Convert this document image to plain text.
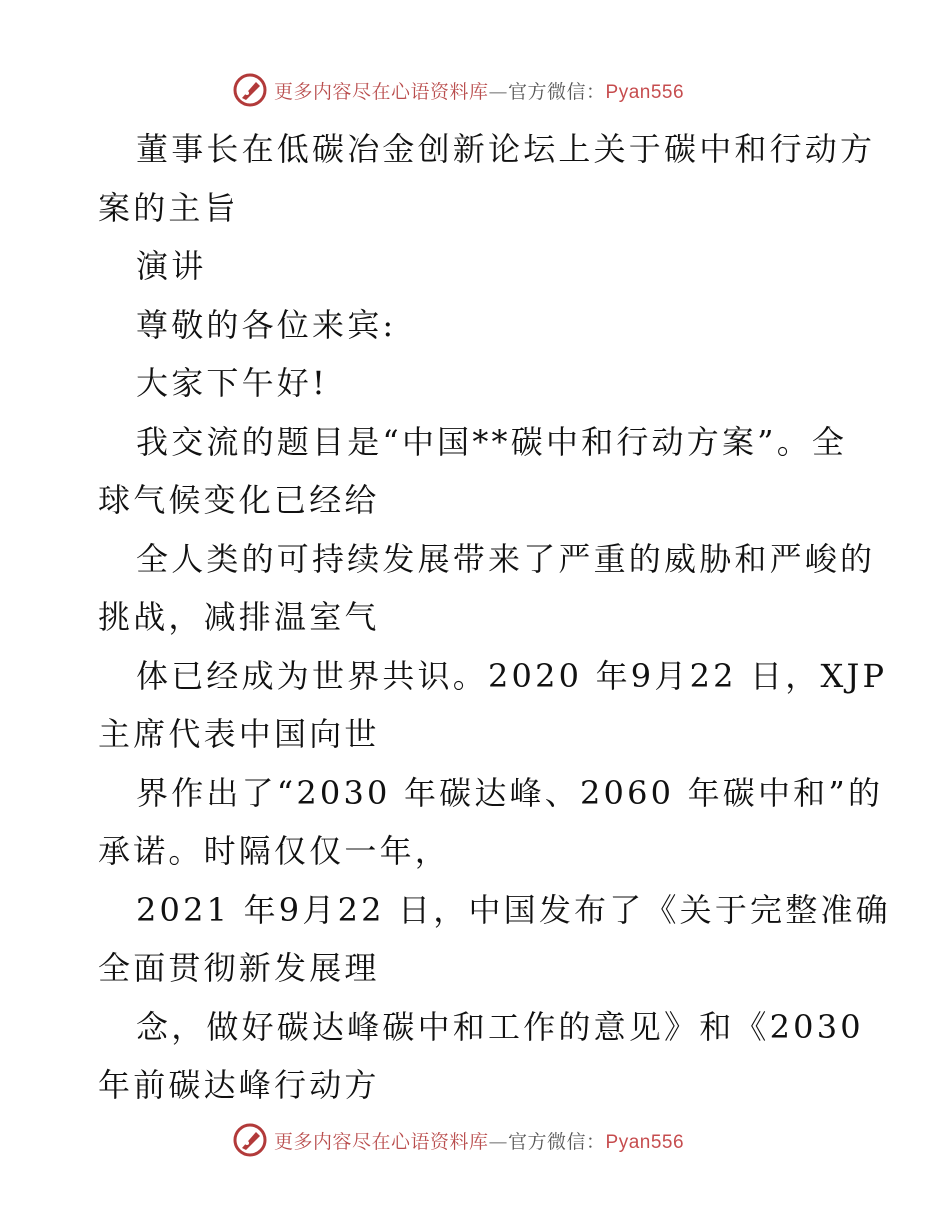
更多内容尽在心语资料库—官方微信：Pyan556
董事长在低碳冶金创新论坛上关于碳中和行动方
案的主旨
演讲
尊敬的各位来宾:
大家下午好!
我交流的题目是“中国**碳中和行动方案”。全
球气候变化已经给
全人类的可持续发展带来了严重的威胁和严峻的
挑战，减排温室气
体已经成为世界共识。2020 年9月22 日，XJP
主席代表中国向世
界作出了“2030 年碳达峰、2060 年碳中和”的
承诺。时隔仅仅一年，
2021 年9月22 日，中国发布了《关于完整准确
全面贯彻新发展理
念，做好碳达峰碳中和工作的意见》和《2030
年前碳达峰行动方
更多内容尽在心语资料库—官方微信：Pyan556
